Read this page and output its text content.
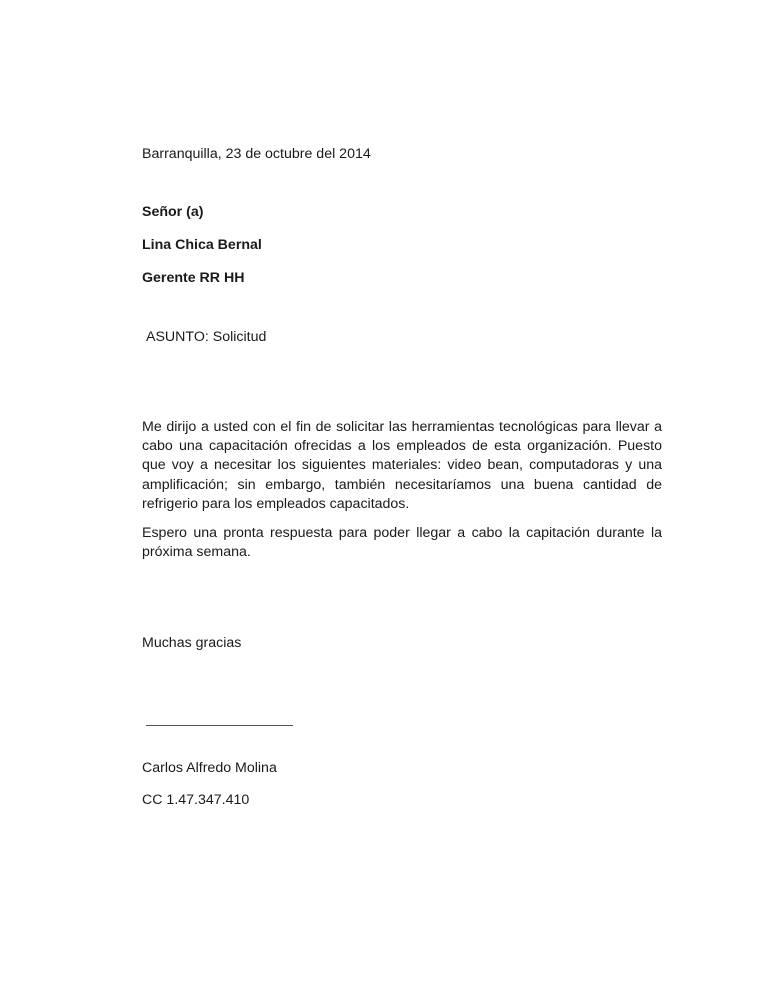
Barranquilla, 23 de octubre del 2014
Señor (a)
Lina Chica Bernal
Gerente RR HH
ASUNTO: Solicitud
Me dirijo a usted con el fin de solicitar las herramientas tecnológicas para llevar a cabo una capacitación ofrecidas a los empleados de esta organización. Puesto que voy a necesitar los siguientes materiales: video bean, computadoras y una amplificación; sin embargo, también necesitaríamos una buena cantidad de refrigerio para los empleados capacitados.
Espero una pronta respuesta para poder llegar a cabo la capitación durante la próxima semana.
Muchas gracias
Carlos Alfredo Molina
CC 1.47.347.410
